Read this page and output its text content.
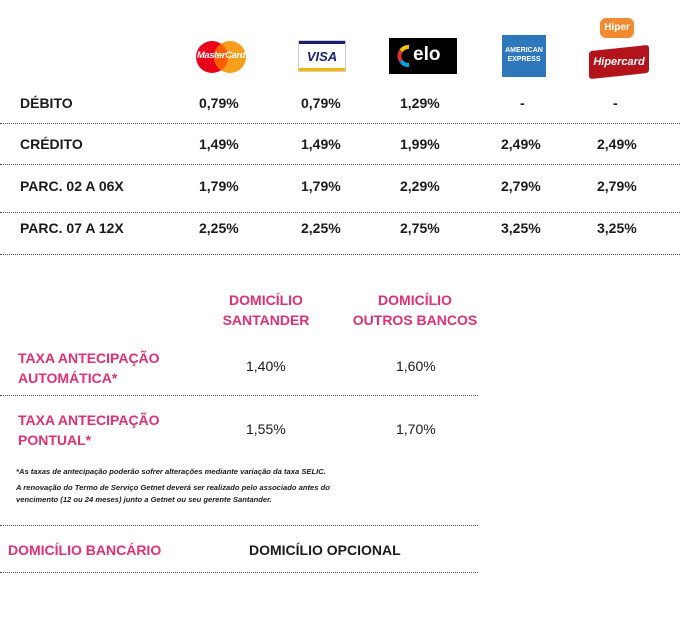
MasterCard	VISA	elo	AMERICAN
EXPRESS
Hiper
Hipercard
DÉBITO	0,79%	0,79%	1,29%	-	-
CRÉDITO	1,49%	1,49%	1,99%	2,49%	2,49%
PARC. 02 A 06X	1,79%	1,79%	2,29%	2,79%	2,79%
PARC. 07 A 12X	2,25%	2,25%	2,75%	3,25%	3,25%
DOMICÍLIO
SANTANDER
DOMICÍLIO
OUTROS BANCOS
TAXA ANTECIPAÇÃO
AUTOMÁTICA*
1,40%	1,60%
TAXA ANTECIPAÇÃO
PONTUAL*
1,55%	1,70%
*As taxas de antecipação poderão sofrer alterações mediante variação da taxa SELIC.
A renovação do Termo de Serviço Getnet deverá ser realizado pelo associado antes do
vencimento (12 ou 24 meses) junto a Getnet ou seu gerente Santander.
DOMICÍLIO BANCÁRIO	DOMICÍLIO OPCIONAL
